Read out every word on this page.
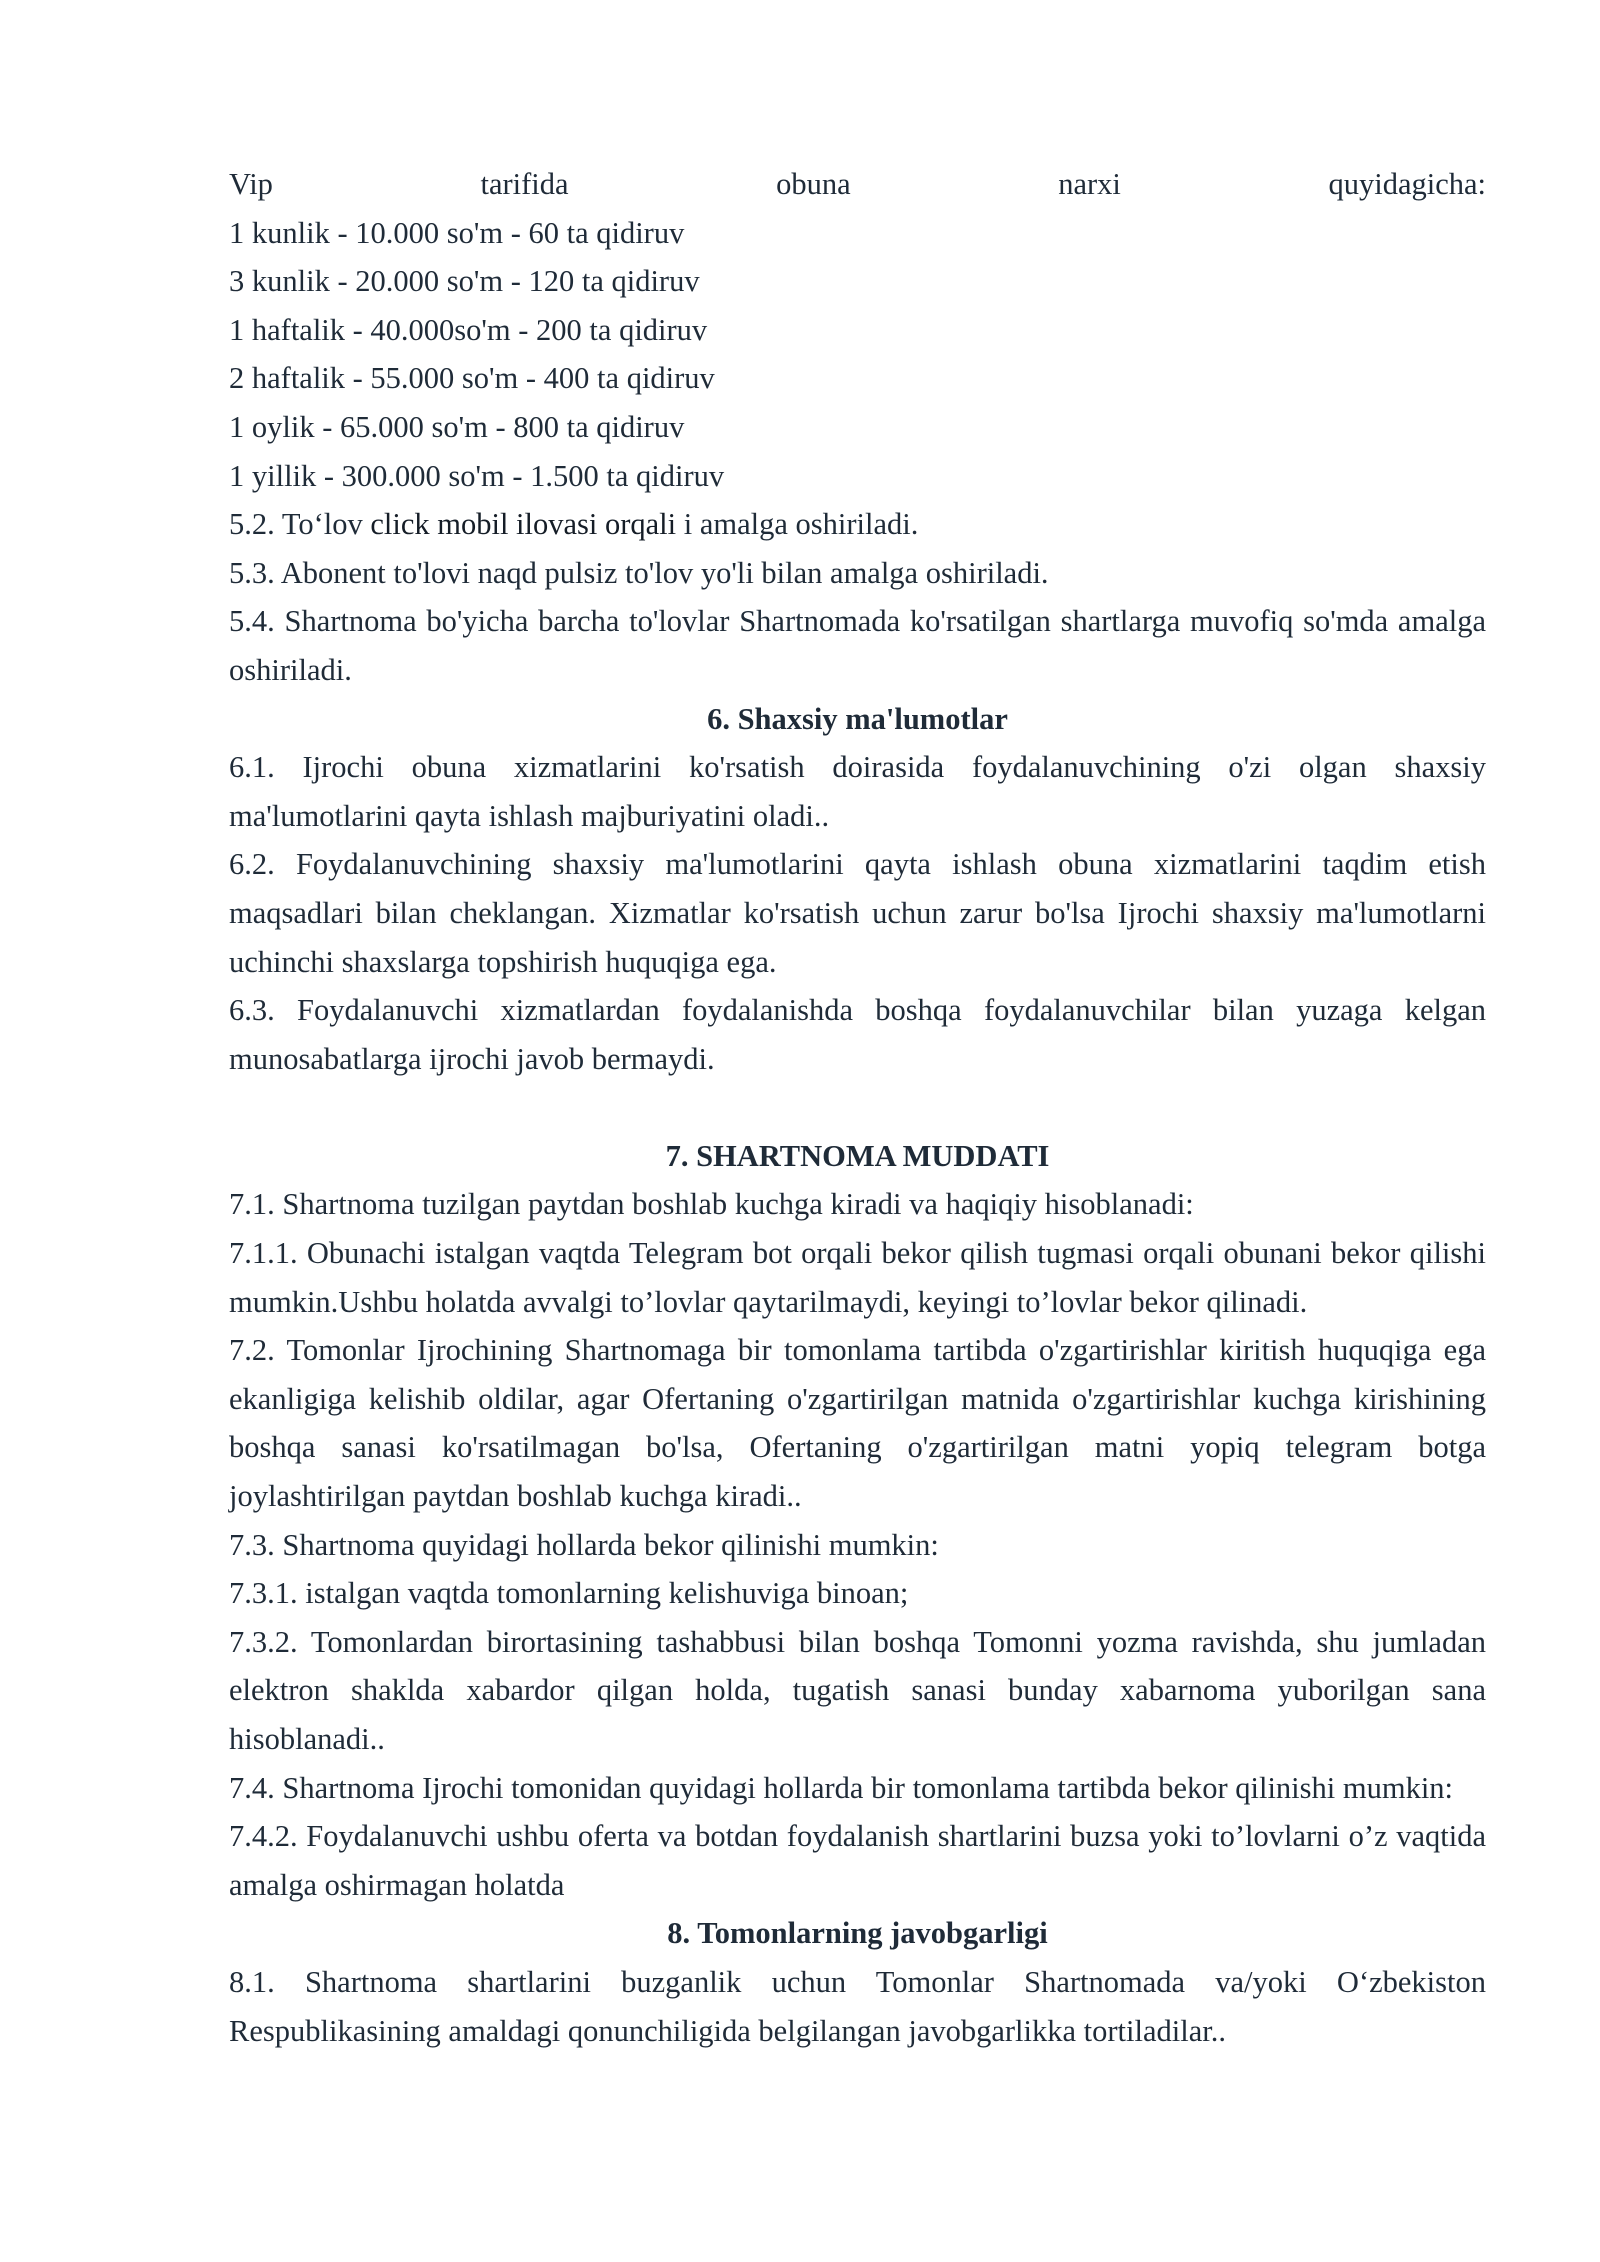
Vip tarifida obuna narxi quyidagicha:

1 kunlik - 10.000 so'm - 60 ta qidiruv

3 kunlik - 20.000 so'm - 120 ta qidiruv

1 haftalik - 40.000so'm - 200 ta qidiruv

2 haftalik - 55.000 so'm - 400 ta qidiruv

1 oylik - 65.000 so'm - 800 ta qidiruv

1 yillik - 300.000 so'm - 1.500 ta qidiruv

5.2. To‘lov click mobil ilovasi orqali i amalga oshiriladi.

5.3. Abonent to'lovi naqd pulsiz to'lov yo'li bilan amalga oshiriladi.

5.4. Shartnoma bo'yicha barcha to'lovlar Shartnomada ko'rsatilgan shartlarga muvofiq so'mda amalga oshiriladi.

6. Shaxsiy ma'lumotlar

6.1. Ijrochi obuna xizmatlarini ko'rsatish doirasida foydalanuvchining o'zi olgan shaxsiy ma'lumotlarini qayta ishlash majburiyatini oladi..

6.2. Foydalanuvchining shaxsiy ma'lumotlarini qayta ishlash obuna xizmatlarini taqdim etish maqsadlari bilan cheklangan. Xizmatlar ko'rsatish uchun zarur bo'lsa Ijrochi shaxsiy ma'lumotlarni uchinchi shaxslarga topshirish huquqiga ega.

6.3. Foydalanuvchi xizmatlardan foydalanishda boshqa foydalanuvchilar bilan yuzaga kelgan munosabatlarga ijrochi javob bermaydi.

7. SHARTNOMA MUDDATI

7.1. Shartnoma tuzilgan paytdan boshlab kuchga kiradi va haqiqiy hisoblanadi:

7.1.1. Obunachi istalgan vaqtda Telegram bot orqali bekor qilish tugmasi orqali obunani bekor qilishi mumkin.Ushbu holatda avvalgi to’lovlar qaytarilmaydi, keyingi to’lovlar bekor qilinadi.

7.2. Tomonlar Ijrochining Shartnomaga bir tomonlama tartibda o'zgartirishlar kiritish huquqiga ega ekanligiga kelishib oldilar, agar Ofertaning o'zgartirilgan matnida o'zgartirishlar kuchga kirishining boshqa sanasi ko'rsatilmagan bo'lsa, Ofertaning o'zgartirilgan matni yopiq telegram botga joylashtirilgan paytdan boshlab kuchga kiradi..

7.3. Shartnoma quyidagi hollarda bekor qilinishi mumkin:

7.3.1. istalgan vaqtda tomonlarning kelishuviga binoan;

7.3.2. Tomonlardan birortasining tashabbusi bilan boshqa Tomonni yozma ravishda, shu jumladan elektron shaklda xabardor qilgan holda, tugatish sanasi bunday xabarnoma yuborilgan sana hisoblanadi..

7.4. Shartnoma Ijrochi tomonidan quyidagi hollarda bir tomonlama tartibda bekor qilinishi mumkin:

7.4.2. Foydalanuvchi ushbu oferta va botdan foydalanish shartlarini buzsa yoki to’lovlarni o’z vaqtida amalga oshirmagan holatda

8. Tomonlarning javobgarligi

8.1. Shartnoma shartlarini buzganlik uchun Tomonlar Shartnomada va/yoki O‘zbekiston Respublikasining amaldagi qonunchiligida belgilangan javobgarlikka tortiladilar..
